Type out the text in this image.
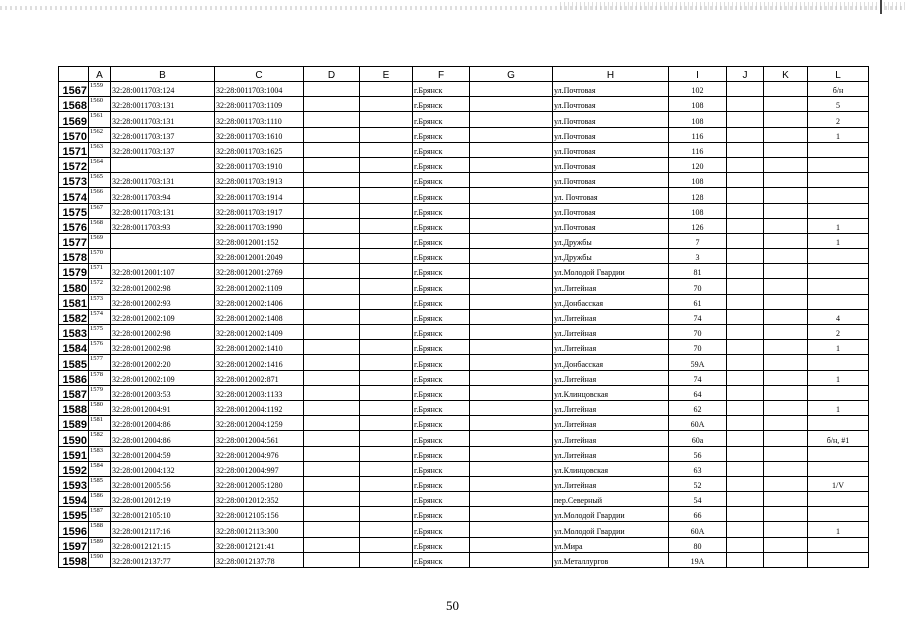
	A	B	C	D	E	F	G	H	I	J	K	L
1567	1559	32:28:0011703:124	32:28:0011703:1004			г.Брянск		ул.Почтовая	102			б/н
1568	1560	32:28:0011703:131	32:28:0011703:1109			г.Брянск		ул.Почтовая	108			5
1569	1561	32:28:0011703:131	32:28:0011703:1110			г.Брянск		ул.Почтовая	108			2
1570	1562	32:28:0011703:137	32:28:0011703:1610			г.Брянск		ул.Почтовая	116			1
1571	1563	32:28:0011703:137	32:28:0011703:1625			г.Брянск		ул.Почтовая	116			
1572	1564		32:28:0011703:1910			г.Брянск		ул.Почтовая	120			
1573	1565	32:28:0011703:131	32:28:0011703:1913			г.Брянск		ул.Почтовая	108			
1574	1566	32:28:0011703:94	32:28:0011703:1914			г.Брянск		ул. Почтовая	128			
1575	1567	32:28:0011703:131	32:28:0011703:1917			г.Брянск		ул.Почтовая	108			
1576	1568	32:28:0011703:93	32:28:0011703:1990			г.Брянск		ул.Почтовая	126			1
1577	1569		32:28:0012001:152			г.Брянск		ул.Дружбы	7			1
1578	1570		32:28:0012001:2049			г.Брянск		ул.Дружбы	3			
1579	1571	32:28:0012001:107	32:28:0012001:2769			г.Брянск		ул.Молодой Гвардии	81			
1580	1572	32:28:0012002:98	32:28:0012002:1109			г.Брянск		ул.Литейная	70			
1581	1573	32:28:0012002:93	32:28:0012002:1406			г.Брянск		ул.Донбасская	61			
1582	1574	32:28:0012002:109	32:28:0012002:1408			г.Брянск		ул.Литейная	74			4
1583	1575	32:28:0012002:98	32:28:0012002:1409			г.Брянск		ул.Литейная	70			2
1584	1576	32:28:0012002:98	32:28:0012002:1410			г.Брянск		ул.Литейная	70			1
1585	1577	32:28:0012002:20	32:28:0012002:1416			г.Брянск		ул.Донбасская	59А			
1586	1578	32:28:0012002:109	32:28:0012002:871			г.Брянск		ул.Литейная	74			1
1587	1579	32:28:0012003:53	32:28:0012003:1133			г.Брянск		ул.Клинцовская	64			
1588	1580	32:28:0012004:91	32:28:0012004:1192			г.Брянск		ул.Литейная	62			1
1589	1581	32:28:0012004:86	32:28:0012004:1259			г.Брянск		ул.Литейная	60А			
1590	1582	32:28:0012004:86	32:28:0012004:561			г.Брянск		ул.Литейная	60а			б/н, #1
1591	1583	32:28:0012004:59	32:28:0012004:976			г.Брянск		ул.Литейная	56			
1592	1584	32:28:0012004:132	32:28:0012004:997			г.Брянск		ул.Клинцовская	63			
1593	1585	32:28:0012005:56	32:28:0012005:1280			г.Брянск		ул.Литейная	52			1/V
1594	1586	32:28:0012012:19	32:28:0012012:352			г.Брянск		пер.Северный	54			
1595	1587	32:28:0012105:10	32:28:0012105:156			г.Брянск		ул.Молодой Гвардии	66			
1596	1588	32:28:0012117:16	32:28:0012113:300			г.Брянск		ул.Молодой Гвардии	60А			1
1597	1589	32:28:0012121:15	32:28:0012121:41			г.Брянск		ул.Мира	80			
1598	1590	32:28:0012137:77	32:28:0012137:78			г.Брянск		ул.Металлургов	19А			
50
